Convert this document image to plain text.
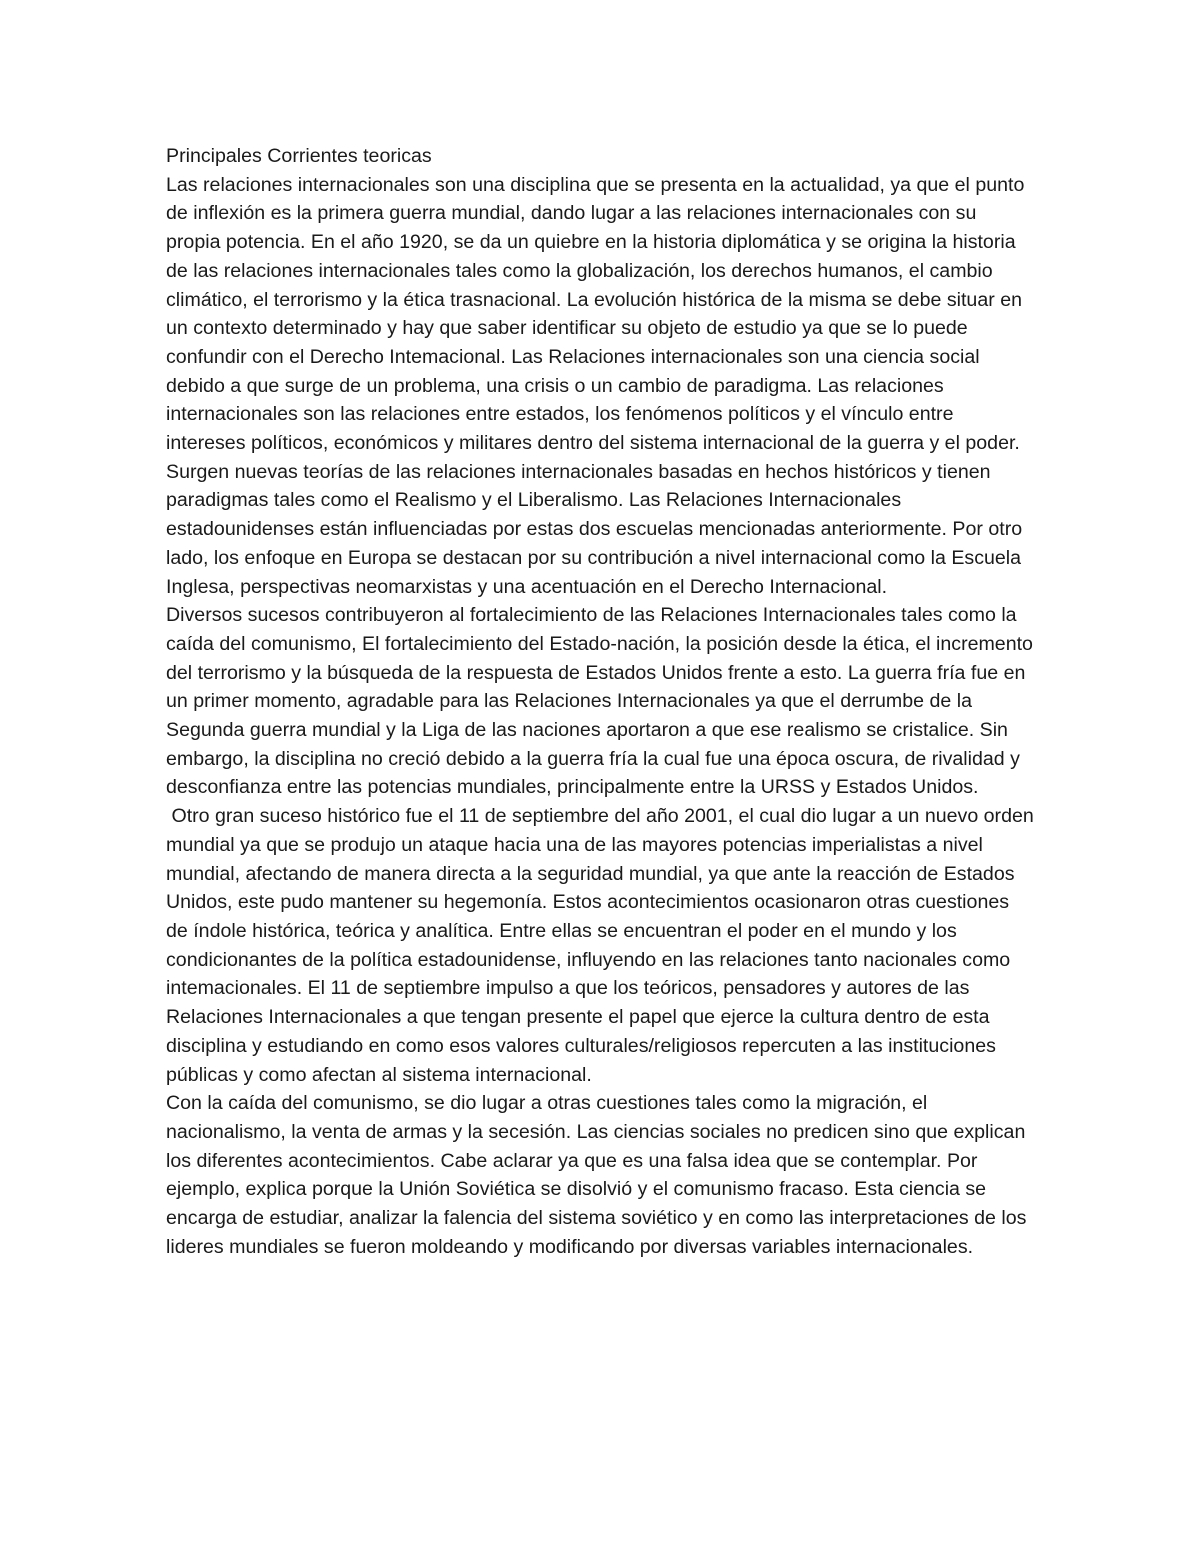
Principales Corrientes teoricas

Las relaciones internacionales son una disciplina que se presenta en la actualidad, ya que el punto de inflexión es la primera guerra mundial, dando lugar a las relaciones internacionales con su propia potencia. En el año 1920, se da un quiebre en la historia diplomática y se origina la historia de las relaciones internacionales tales como la globalización, los derechos humanos, el cambio climático, el terrorismo y la ética trasnacional. La evolución histórica de la misma se debe situar en un contexto determinado y hay que saber identificar su objeto de estudio ya que se lo puede confundir con el Derecho Intemacional. Las Relaciones internacionales son una ciencia social debido a que surge de un problema, una crisis o un cambio de paradigma. Las relaciones internacionales son las relaciones entre estados, los fenómenos políticos y el vínculo entre intereses políticos, económicos y militares dentro del sistema internacional de la guerra y el poder. Surgen nuevas teorías de las relaciones internacionales basadas en hechos históricos y tienen paradigmas tales como el Realismo y el Liberalismo. Las Relaciones Internacionales estadounidenses están influenciadas por estas dos escuelas mencionadas anteriormente. Por otro lado, los enfoque en Europa se destacan por su contribución a nivel internacional como la Escuela Inglesa, perspectivas neomarxistas y una acentuación en el Derecho Internacional.

Diversos sucesos contribuyeron al fortalecimiento de las Relaciones Internacionales tales como la caída del comunismo, El fortalecimiento del Estado-nación, la posición desde la ética, el incremento del terrorismo y la búsqueda de la respuesta de Estados Unidos frente a esto. La guerra fría fue en un primer momento, agradable para las Relaciones Internacionales ya que el derrumbe de la Segunda guerra mundial y la Liga de las naciones aportaron a que ese realismo se cristalice. Sin embargo, la disciplina no creció debido a la guerra fría la cual fue una época oscura, de rivalidad y desconfianza entre las potencias mundiales, principalmente entre la URSS y Estados Unidos.

Otro gran suceso histórico fue el 11 de septiembre del año 2001, el cual dio lugar a un nuevo orden mundial ya que se produjo un ataque hacia una de las mayores potencias imperialistas a nivel mundial, afectando de manera directa a la seguridad mundial, ya que ante la reacción de Estados Unidos, este pudo mantener su hegemonía. Estos acontecimientos ocasionaron otras cuestiones de índole histórica, teórica y analítica. Entre ellas se encuentran el poder en el mundo y los condicionantes de la política estadounidense, influyendo en las relaciones tanto nacionales como intemacionales. El 11 de septiembre impulso a que los teóricos, pensadores y autores de las Relaciones Internacionales a que tengan presente el papel que ejerce la cultura dentro de esta disciplina y estudiando en como esos valores culturales/religiosos repercuten a las instituciones públicas y como afectan al sistema internacional.

Con la caída del comunismo, se dio lugar a otras cuestiones tales como la migración, el nacionalismo, la venta de armas y la secesión. Las ciencias sociales no predicen sino que explican los diferentes acontecimientos. Cabe aclarar ya que es una falsa idea que se contemplar. Por ejemplo, explica porque la Unión Soviética se disolvió y el comunismo fracaso. Esta ciencia se encarga de estudiar, analizar la falencia del sistema soviético y en como las interpretaciones de los lideres mundiales se fueron moldeando y modificando por diversas variables internacionales.
